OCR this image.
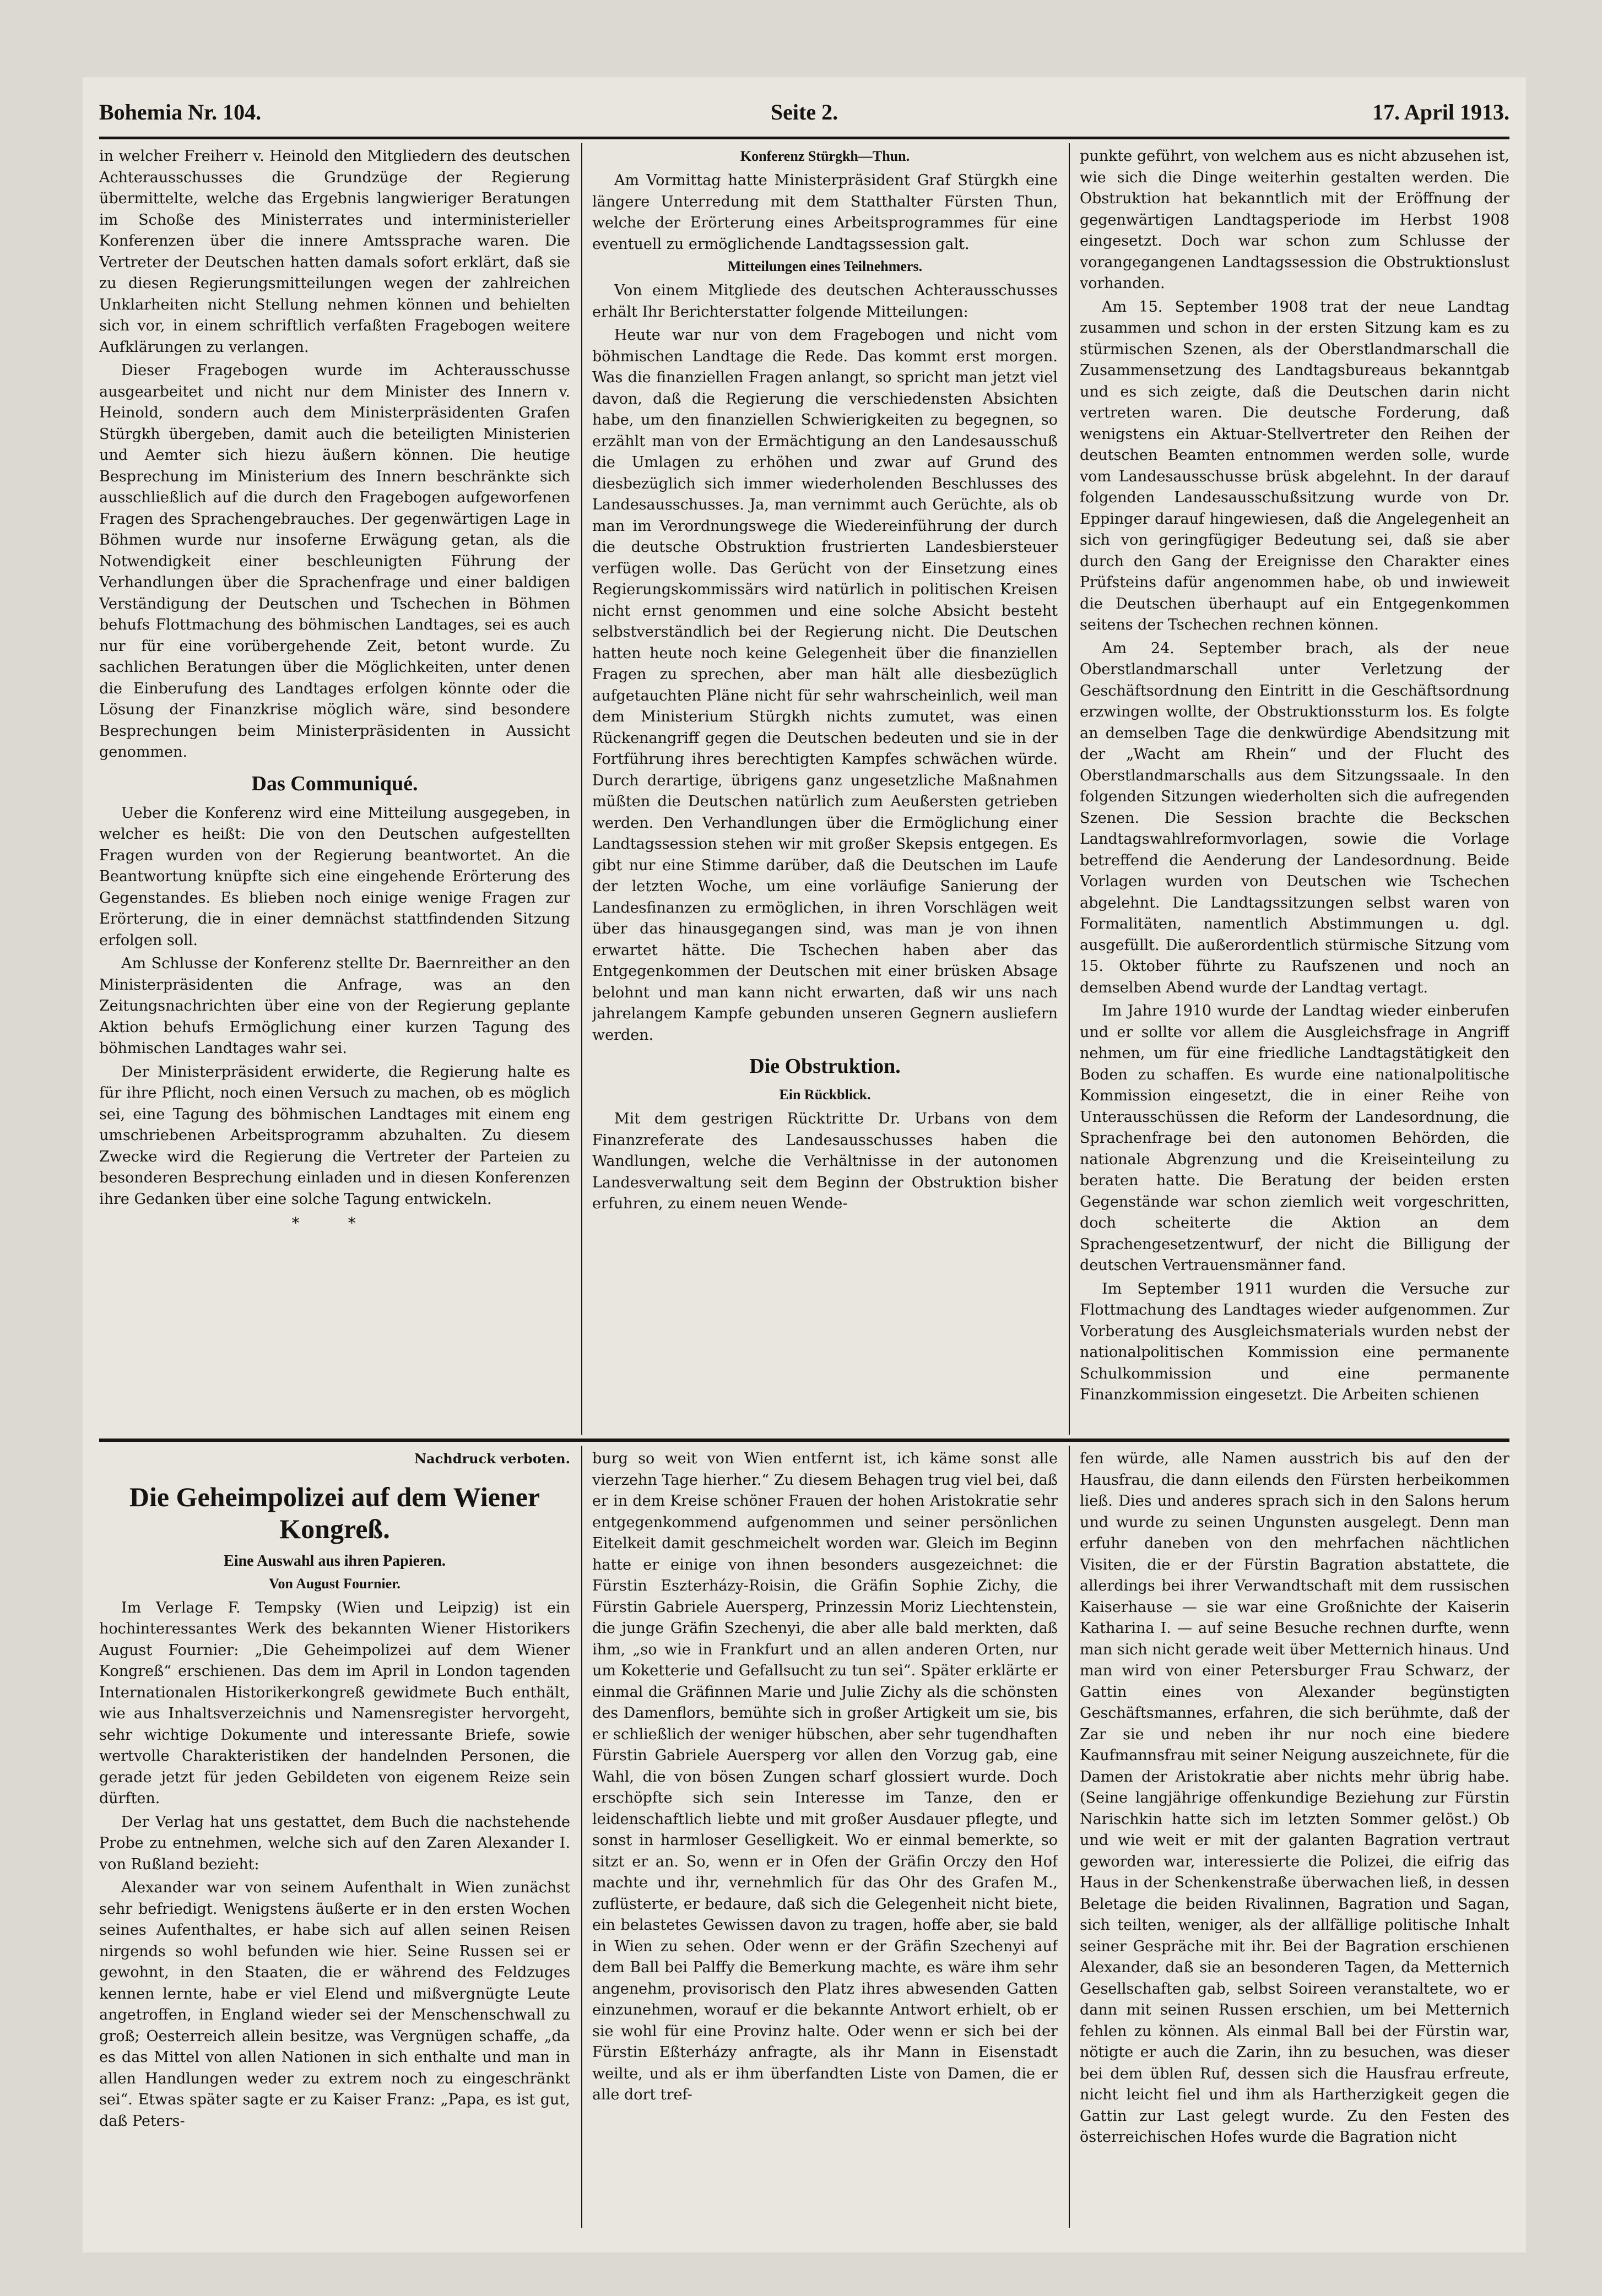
Bohemia Nr. 104.	Seite 2.	17. April 1913.

in welcher Freiherr v. Heinold den Mitgliedern des deutschen Achterausschusses die Grundzüge der Regierung übermittelte, welche das Ergebnis langwieriger Beratungen im Schoße des Ministerrates und interministerieller Konferenzen über die innere Amtssprache waren. Die Vertreter der Deutschen hatten damals sofort erklärt, daß sie zu diesen Regierungsmitteilungen wegen der zahlreichen Unklarheiten nicht Stellung nehmen können und behielten sich vor, in einem schriftlich verfaßten Fragebogen weitere Aufklärungen zu verlangen.

Dieser Fragebogen wurde im Achterausschusse ausgearbeitet und nicht nur dem Minister des Innern v. Heinold, sondern auch dem Ministerpräsidenten Grafen Stürgkh übergeben, damit auch die beteiligten Ministerien und Aemter sich hiezu äußern können. Die heutige Besprechung im Ministerium des Innern beschränkte sich ausschließlich auf die durch den Fragebogen aufgeworfenen Fragen des Sprachengebrauches. Der gegenwärtigen Lage in Böhmen wurde nur insoferne Erwägung getan, als die Notwendigkeit einer beschleunigten Führung der Verhandlungen über die Sprachenfrage und einer baldigen Verständigung der Deutschen und Tschechen in Böhmen behufs Flottmachung des böhmischen Landtages, sei es auch nur für eine vorübergehende Zeit, betont wurde. Zu sachlichen Beratungen über die Möglichkeiten, unter denen die Einberufung des Landtages erfolgen könnte oder die Lösung der Finanzkrise möglich wäre, sind besondere Besprechungen beim Ministerpräsidenten in Aussicht genommen.

Das Communiqué.

Ueber die Konferenz wird eine Mitteilung ausgegeben, in welcher es heißt: Die von den Deutschen aufgestellten Fragen wurden von der Regierung beantwortet. An die Beantwortung knüpfte sich eine eingehende Erörterung des Gegenstandes. Es blieben noch einige wenige Fragen zur Erörterung, die in einer demnächst stattfindenden Sitzung erfolgen soll.

Am Schlusse der Konferenz stellte Dr. Baernreither an den Ministerpräsidenten die Anfrage, was an den Zeitungsnachrichten über eine von der Regierung geplante Aktion behufs Ermöglichung einer kurzen Tagung des böhmischen Landtages wahr sei.

Der Ministerpräsident erwiderte, die Regierung halte es für ihre Pflicht, noch einen Versuch zu machen, ob es möglich sei, eine Tagung des böhmischen Landtages mit einem eng umschriebenen Arbeitsprogramm abzuhalten. Zu diesem Zwecke wird die Regierung die Vertreter der Parteien zu besonderen Besprechung einladen und in diesen Konferenzen ihre Gedanken über eine solche Tagung entwickeln.

* *
Konferenz Stürgkh—Thun.

Am Vormittag hatte Ministerpräsident Graf Stürgkh eine längere Unterredung mit dem Statthalter Fürsten Thun, welche der Erörterung eines Arbeitsprogrammes für eine eventuell zu ermöglichende Landtagssession galt.

Mitteilungen eines Teilnehmers.

Von einem Mitgliede des deutschen Achterausschusses erhält Ihr Berichterstatter folgende Mitteilungen:

Heute war nur von dem Fragebogen und nicht vom böhmischen Landtage die Rede. Das kommt erst morgen. Was die finanziellen Fragen anlangt, so spricht man jetzt viel davon, daß die Regierung die verschiedensten Absichten habe, um den finanziellen Schwierigkeiten zu begegnen, so erzählt man von der Ermächtigung an den Landesausschuß die Umlagen zu erhöhen und zwar auf Grund des diesbezüglich sich immer wiederholenden Beschlusses des Landesausschusses. Ja, man vernimmt auch Gerüchte, als ob man im Verordnungswege die Wiedereinführung der durch die deutsche Obstruktion frustrierten Landesbiersteuer verfügen wolle. Das Gerücht von der Einsetzung eines Regierungskommissärs wird natürlich in politischen Kreisen nicht ernst genommen und eine solche Absicht besteht selbstverständlich bei der Regierung nicht. Die Deutschen hatten heute noch keine Gelegenheit über die finanziellen Fragen zu sprechen, aber man hält alle diesbezüglich aufgetauchten Pläne nicht für sehr wahrscheinlich, weil man dem Ministerium Stürgkh nichts zumutet, was einen Rückenangriff gegen die Deutschen bedeuten und sie in der Fortführung ihres berechtigten Kampfes schwächen würde. Durch derartige, übrigens ganz ungesetzliche Maßnahmen müßten die Deutschen natürlich zum Aeußersten getrieben werden. Den Verhandlungen über die Ermöglichung einer Landtagssession stehen wir mit großer Skepsis entgegen. Es gibt nur eine Stimme darüber, daß die Deutschen im Laufe der letzten Woche, um eine vorläufige Sanierung der Landesfinanzen zu ermöglichen, in ihren Vorschlägen weit über das hinausgegangen sind, was man je von ihnen erwartet hätte. Die Tschechen haben aber das Entgegenkommen der Deutschen mit einer brüsken Absage belohnt und man kann nicht erwarten, daß wir uns nach jahrelangem Kampfe gebunden unseren Gegnern ausliefern werden.

Die Obstruktion.
Ein Rückblick.

Mit dem gestrigen Rücktritte Dr. Urbans von dem Finanzreferate des Landesausschusses haben die Wandlungen, welche die Verhältnisse in der autonomen Landesverwaltung seit dem Beginn der Obstruktion bisher erfuhren, zu einem neuen Wende-

punkte geführt, von welchem aus es nicht abzusehen ist, wie sich die Dinge weiterhin gestalten werden. Die Obstruktion hat bekanntlich mit der Eröffnung der gegenwärtigen Landtagsperiode im Herbst 1908 eingesetzt. Doch war schon zum Schlusse der vorangegangenen Landtagssession die Obstruktionslust vorhanden.

Am 15. September 1908 trat der neue Landtag zusammen und schon in der ersten Sitzung kam es zu stürmischen Szenen, als der Oberstlandmarschall die Zusammensetzung des Landtagsbureaus bekanntgab und es sich zeigte, daß die Deutschen darin nicht vertreten waren. Die deutsche Forderung, daß wenigstens ein Aktuar-Stellvertreter den Reihen der deutschen Beamten entnommen werden solle, wurde vom Landesausschusse brüsk abgelehnt. In der darauf folgenden Landesausschußsitzung wurde von Dr. Eppinger darauf hingewiesen, daß die Angelegenheit an sich von geringfügiger Bedeutung sei, daß sie aber durch den Gang der Ereignisse den Charakter eines Prüfsteins dafür angenommen habe, ob und inwieweit die Deutschen überhaupt auf ein Entgegenkommen seitens der Tschechen rechnen können.

Am 24. September brach, als der neue Oberstlandmarschall unter Verletzung der Geschäftsordnung den Eintritt in die Geschäftsordnung erzwingen wollte, der Obstruktionssturm los. Es folgte an demselben Tage die denkwürdige Abendsitzung mit der „Wacht am Rhein“ und der Flucht des Oberstlandmarschalls aus dem Sitzungssaale. In den folgenden Sitzungen wiederholten sich die aufregenden Szenen. Die Session brachte die Beckschen Landtagswahlreformvorlagen, sowie die Vorlage betreffend die Aenderung der Landesordnung. Beide Vorlagen wurden von Deutschen wie Tschechen abgelehnt. Die Landtagssitzungen selbst waren von Formalitäten, namentlich Abstimmungen u. dgl. ausgefüllt. Die außerordentlich stürmische Sitzung vom 15. Oktober führte zu Raufszenen und noch an demselben Abend wurde der Landtag vertagt.

Im Jahre 1910 wurde der Landtag wieder einberufen und er sollte vor allem die Ausgleichsfrage in Angriff nehmen, um für eine friedliche Landtagstätigkeit den Boden zu schaffen. Es wurde eine nationalpolitische Kommission eingesetzt, die in einer Reihe von Unterausschüssen die Reform der Landesordnung, die Sprachenfrage bei den autonomen Behörden, die nationale Abgrenzung und die Kreiseinteilung zu beraten hatte. Die Beratung der beiden ersten Gegenstände war schon ziemlich weit vorgeschritten, doch scheiterte die Aktion an dem Sprachengesetzentwurf, der nicht die Billigung der deutschen Vertrauensmänner fand.

Im September 1911 wurden die Versuche zur Flottmachung des Landtages wieder aufgenommen. Zur Vorberatung des Ausgleichsmaterials wurden nebst der nationalpolitischen Kommission eine permanente Schulkommission und eine permanente Finanzkommission eingesetzt. Die Arbeiten schienen

Nachdruck verboten.
Die Geheimpolizei auf dem Wiener Kongreß.
Eine Auswahl aus ihren Papieren.
Von August Fournier.

Im Verlage F. Tempsky (Wien und Leipzig) ist ein hochinteressantes Werk des bekannten Wiener Historikers August Fournier: „Die Geheimpolizei auf dem Wiener Kongreß“ erschienen. Das dem im April in London tagenden Internationalen Historikerkongreß gewidmete Buch enthält, wie aus Inhaltsverzeichnis und Namensregister hervorgeht, sehr wichtige Dokumente und interessante Briefe, sowie wertvolle Charakteristiken der handelnden Personen, die gerade jetzt für jeden Gebildeten von eigenem Reize sein dürften.

Der Verlag hat uns gestattet, dem Buch die nachstehende Probe zu entnehmen, welche sich auf den Zaren Alexander I. von Rußland bezieht:

Alexander war von seinem Aufenthalt in Wien zunächst sehr befriedigt. Wenigstens äußerte er in den ersten Wochen seines Aufenthaltes, er habe sich auf allen seinen Reisen nirgends so wohl befunden wie hier. Seine Russen sei er gewohnt, in den Staaten, die er während des Feldzuges kennen lernte, habe er viel Elend und mißvergnügte Leute angetroffen, in England wieder sei der Menschenschwall zu groß; Oesterreich allein besitze, was Vergnügen schaffe, „da es das Mittel von allen Nationen in sich enthalte und man in allen Handlungen weder zu extrem noch zu eingeschränkt sei“. Etwas später sagte er zu Kaiser Franz: „Papa, es ist gut, daß Peters-

burg so weit von Wien entfernt ist, ich käme sonst alle vierzehn Tage hierher.“ Zu diesem Behagen trug viel bei, daß er in dem Kreise schöner Frauen der hohen Aristokratie sehr entgegenkommend aufgenommen und seiner persönlichen Eitelkeit damit geschmeichelt worden war. Gleich im Beginn hatte er einige von ihnen besonders ausgezeichnet: die Fürstin Eszterházy-Roisin, die Gräfin Sophie Zichy, die Fürstin Gabriele Auersperg, Prinzessin Moriz Liechtenstein, die junge Gräfin Szechenyi, die aber alle bald merkten, daß ihm, „so wie in Frankfurt und an allen anderen Orten, nur um Koketterie und Gefallsucht zu tun sei“. Später erklärte er einmal die Gräfinnen Marie und Julie Zichy als die schönsten des Damenflors, bemühte sich in großer Artigkeit um sie, bis er schließlich der weniger hübschen, aber sehr tugendhaften Fürstin Gabriele Auersperg vor allen den Vorzug gab, eine Wahl, die von bösen Zungen scharf glossiert wurde. Doch erschöpfte sich sein Interesse im Tanze, den er leidenschaftlich liebte und mit großer Ausdauer pflegte, und sonst in harmloser Geselligkeit. Wo er einmal bemerkte, so sitzt er an. So, wenn er in Ofen der Gräfin Orczy den Hof machte und ihr, vernehmlich für das Ohr des Grafen M., zuflüsterte, er bedaure, daß sich die Gelegenheit nicht biete, ein belastetes Gewissen davon zu tragen, hoffe aber, sie bald in Wien zu sehen. Oder wenn er der Gräfin Szechenyi auf dem Ball bei Palffy die Bemerkung machte, es wäre ihm sehr angenehm, provisorisch den Platz ihres abwesenden Gatten einzunehmen, worauf er die bekannte Antwort erhielt, ob er sie wohl für eine Provinz halte. Oder wenn er sich bei der Fürstin Eßterházy anfragte, als ihr Mann in Eisenstadt weilte, und als er ihm überfandten Liste von Damen, die er alle dort tref-

fen würde, alle Namen ausstrich bis auf den der Hausfrau, die dann eilends den Fürsten herbeikommen ließ. Dies und anderes sprach sich in den Salons herum und wurde zu seinen Ungunsten ausgelegt. Denn man erfuhr daneben von den mehrfachen nächtlichen Visiten, die er der Fürstin Bagration abstattete, die allerdings bei ihrer Verwandtschaft mit dem russischen Kaiserhause — sie war eine Großnichte der Kaiserin Katharina I. — auf seine Besuche rechnen durfte, wenn man sich nicht gerade weit über Metternich hinaus. Und man wird von einer Petersburger Frau Schwarz, der Gattin eines von Alexander begünstigten Geschäftsmannes, erfahren, die sich berühmte, daß der Zar sie und neben ihr nur noch eine biedere Kaufmannsfrau mit seiner Neigung auszeichnete, für die Damen der Aristokratie aber nichts mehr übrig habe. (Seine langjährige offenkundige Beziehung zur Fürstin Narischkin hatte sich im letzten Sommer gelöst.) Ob und wie weit er mit der galanten Bagration vertraut geworden war, interessierte die Polizei, die eifrig das Haus in der Schenkenstraße überwachen ließ, in dessen Beletage die beiden Rivalinnen, Bagration und Sagan, sich teilten, weniger, als der allfällige politische Inhalt seiner Gespräche mit ihr. Bei der Bagration erschienen Alexander, daß sie an besonderen Tagen, da Metternich Gesellschaften gab, selbst Soireen veranstaltete, wo er dann mit seinen Russen erschien, um bei Metternich fehlen zu können. Als einmal Ball bei der Fürstin war, nötigte er auch die Zarin, ihn zu besuchen, was dieser bei dem üblen Ruf, dessen sich die Hausfrau erfreute, nicht leicht fiel und ihm als Hartherzigkeit gegen die Gattin zur Last gelegt wurde. Zu den Festen des österreichischen Hofes wurde die Bagration nicht
